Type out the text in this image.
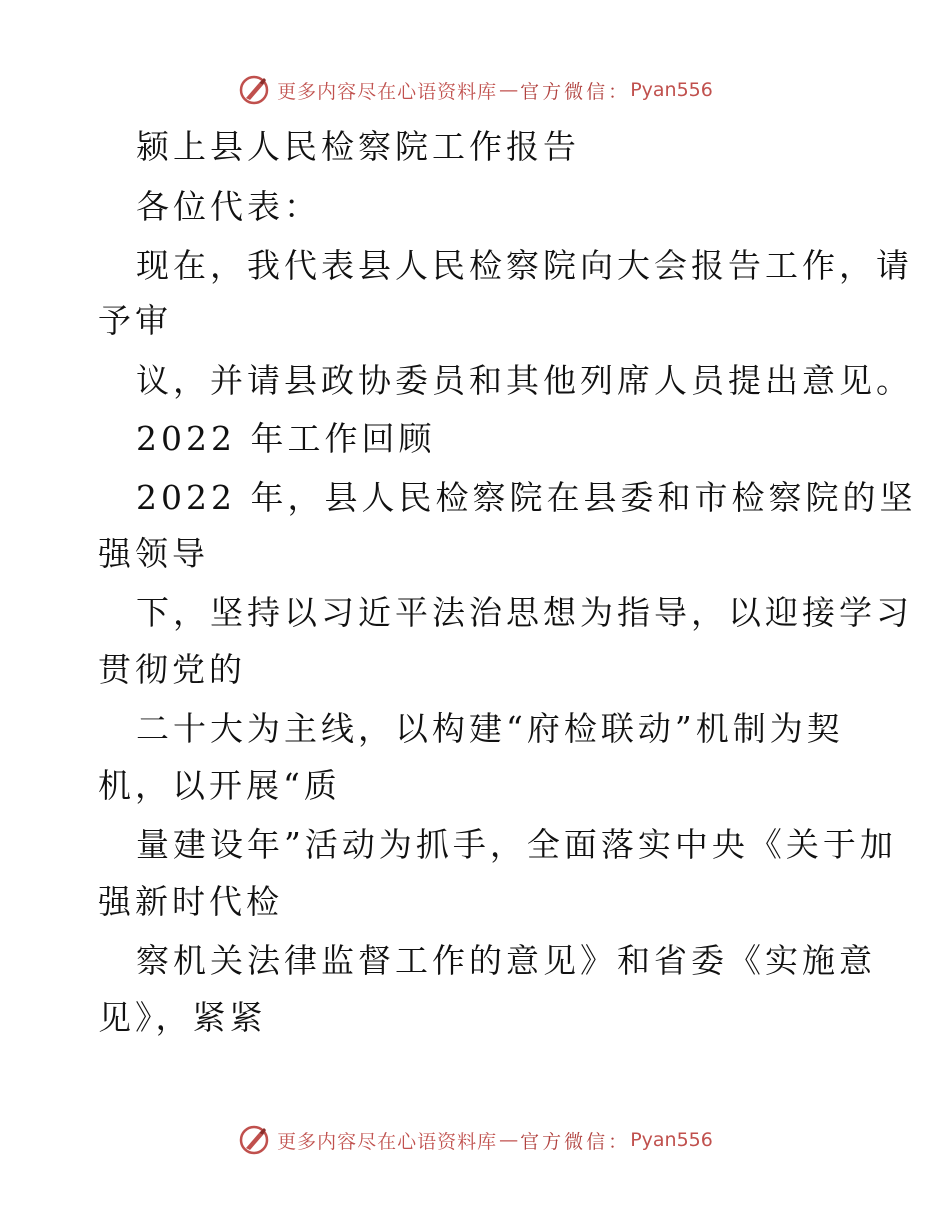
更多内容尽在心语资料库 — 官方微信： Pyan556
颍上县人民检察院工作报告
各位代表：
现在，我代表县人民检察院向大会报告工作，请
予审
议，并请县政协委员和其他列席人员提出意见。
2022 年工作回顾
2022 年，县人民检察院在县委和市检察院的坚
强领导
下，坚持以习近平法治思想为指导，以迎接学习
贯彻党的
二十大为主线，以构建“府检联动”机制为契
机，以开展“质
量建设年”活动为抓手，全面落实中央《关于加
强新时代检
察机关法律监督工作的意见》和省委《实施意
见》，紧紧
更多内容尽在心语资料库 — 官方微信： Pyan556
